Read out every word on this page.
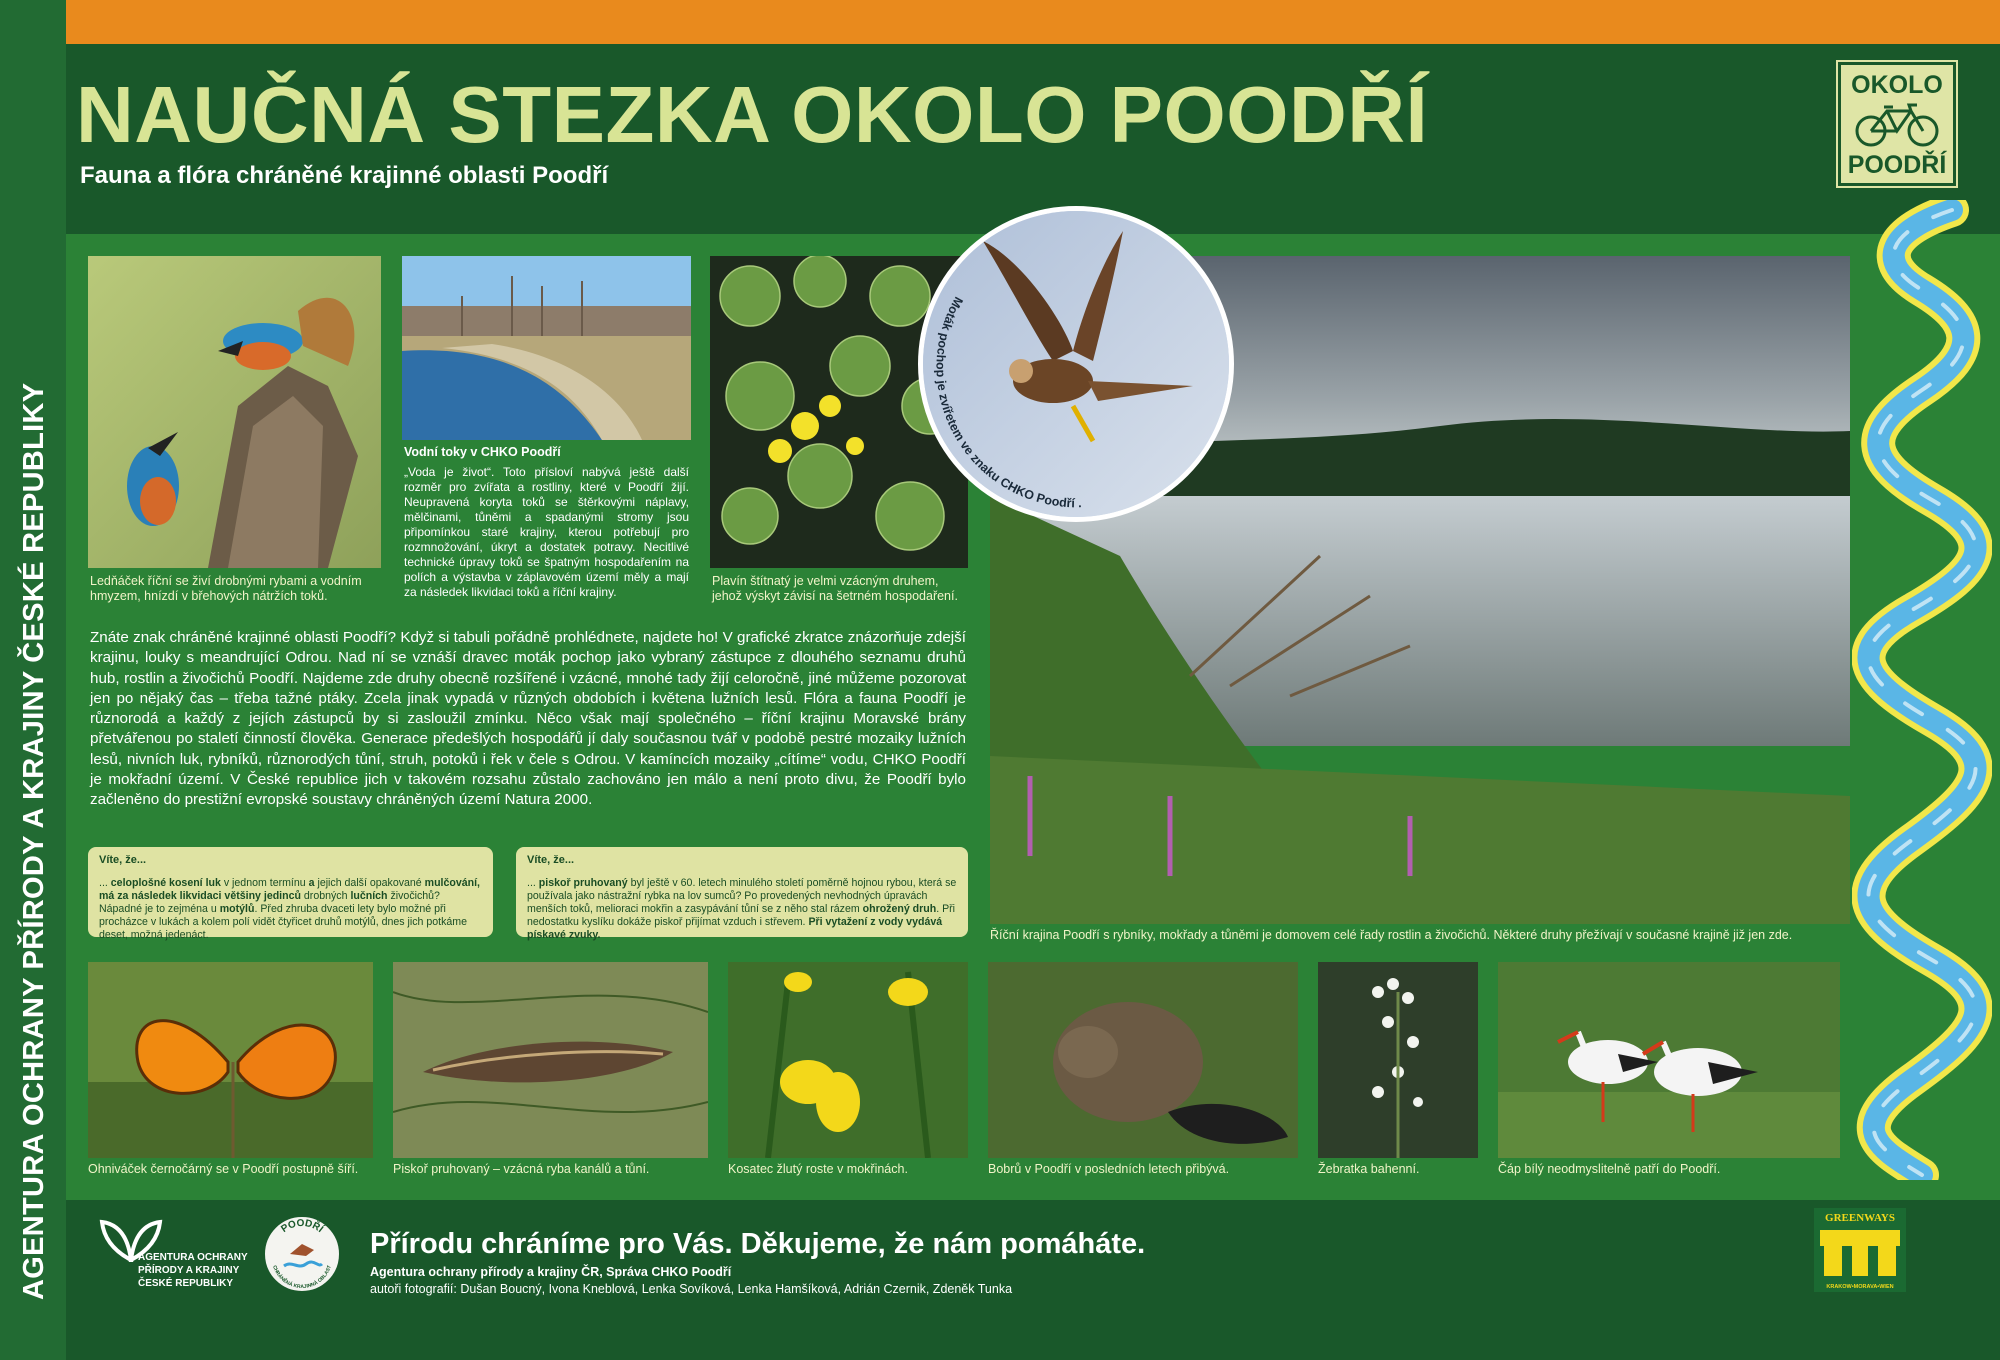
AGENTURA OCHRANY PŘÍRODY A KRAJINY ČESKÉ REPUBLIKY
NAUČNÁ STEZKA OKOLO POODŘÍ
Fauna a flóra chráněné krajinné oblasti Poodří
OKOLO
POODŘÍ
Ledňáček říční se živí drobnými rybami a vodním hmyzem, hnízdí v břehových nátržích toků.
Vodní toky v CHKO Poodří
„Voda je život“. Toto přísloví nabývá ještě další rozměr pro zvířata a rostliny, které v Poodří žijí. Neupravená koryta toků se štěrkovými náplavy, mělčinami, tůněmi a spadanými stromy jsou připomínkou staré krajiny, kterou potřebují pro rozmnožování, úkryt a dostatek potravy. Necitlivé technické úpravy toků se špatným hospodařením na polích a výstavba v záplavovém území měly a mají za následek likvidaci toků a říční krajiny.
Plavín štítnatý je velmi vzácným druhem, jehož výskyt závisí na šetrném hospodaření.
Říční krajina Poodří s rybníky, mokřady a tůněmi je domovem celé řady rostlin a živočichů. Některé druhy přežívají v současné krajině již jen zde.
Moták pochop je zvířetem ve znaku CHKO Poodří .
Znáte znak chráněné krajinné oblasti Poodří? Když si tabuli pořádně prohlédnete, najdete ho! V grafické zkratce znázorňuje zdejší krajinu, louky s meandrující Odrou. Nad ní se vznáší dravec moták pochop jako vybraný zástupce z dlouhého seznamu druhů hub, rostlin a živočichů Poodří. Najdeme zde druhy obecně rozšířené i vzácné, mnohé tady žijí celoročně, jiné můžeme pozorovat jen po nějaký čas – třeba tažné ptáky. Zcela jinak vypadá v různých obdobích i květena lužních lesů. Flóra a fauna Poodří je různorodá a každý z jejích zástupců by si zasloužil zmínku. Něco však mají společného – říční krajinu Moravské brány přetvářenou po staletí činností člověka. Generace předešlých hospodářů jí daly současnou tvář v podobě pestré mozaiky lužních lesů, nivních luk, rybníků, různorodých tůní, struh, potoků i řek v čele s Odrou. V kamíncích mozaiky „cítíme“ vodu, CHKO Poodří je mokřadní území. V České republice jich v takovém rozsahu zůstalo zachováno jen málo a není proto divu, že Poodří bylo začleněno do prestižní evropské soustavy chráněných území Natura 2000.
Víte, že...
... celoplošné kosení luk v jednom termínu a jejich další opakované mulčování, má za následek likvidaci většiny jedinců drobných lučních živočichů? Nápadné je to zejména u motýlů. Před zhruba dvaceti lety bylo možné při procházce v lukách a kolem polí vidět čtyřicet druhů motýlů, dnes jich potkáme deset, možná jedenáct.
Víte, že...
... piskoř pruhovaný byl ještě v 60. letech minulého století poměrně hojnou rybou, která se používala jako nástražní rybka na lov sumců? Po provedených nevhodných úpravách menších toků, melioraci mokřin a zasypávání tůní se z něho stal rázem ohrožený druh. Při nedostatku kyslíku dokáže piskoř přijímat vzduch i střevem. Při vytažení z vody vydává pískavé zvuky.
Ohniváček černočárný se v Poodří postupně šíří.	Piskoř pruhovaný – vzácná ryba kanálů a tůní.	Kosatec žlutý roste v mokřinách.	Bobrů v Poodří v posledních letech přibývá.	Žebratka bahenní.	Čáp bílý neodmyslitelně patří do Poodří.
AGENTURA OCHRANY
PŘÍRODY A KRAJINY
ČESKÉ REPUBLIKY
POODŘÍ
CHRÁNĚNÁ KRAJINNÁ OBLAST
Přírodu chráníme pro Vás. Děkujeme, že nám pomáháte.
Agentura ochrany přírody a krajiny ČR, Správa CHKO Poodří
autoři fotografií: Dušan Boucný, Ivona Kneblová, Lenka Sovíková, Lenka Hamšíková, Adrián Czernik, Zdeněk Tunka
GREENWAYS
KRAKOW•MORAVA•WIEN
